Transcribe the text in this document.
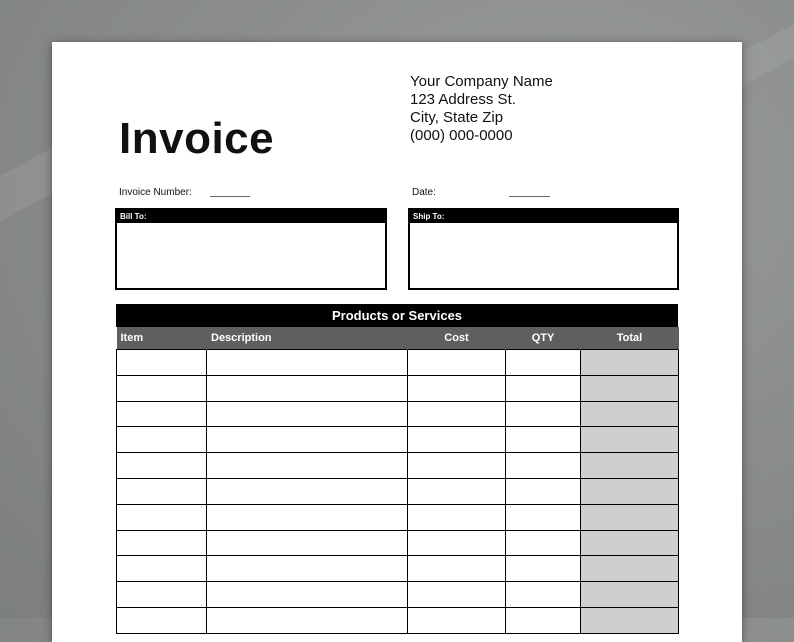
Your Company Name
123 Address St.
City, State Zip
(000) 000-0000
Invoice
Invoice Number:	Date:
Bill To:	Ship To:
Products or Services
Item	Description	Cost	QTY	Total
